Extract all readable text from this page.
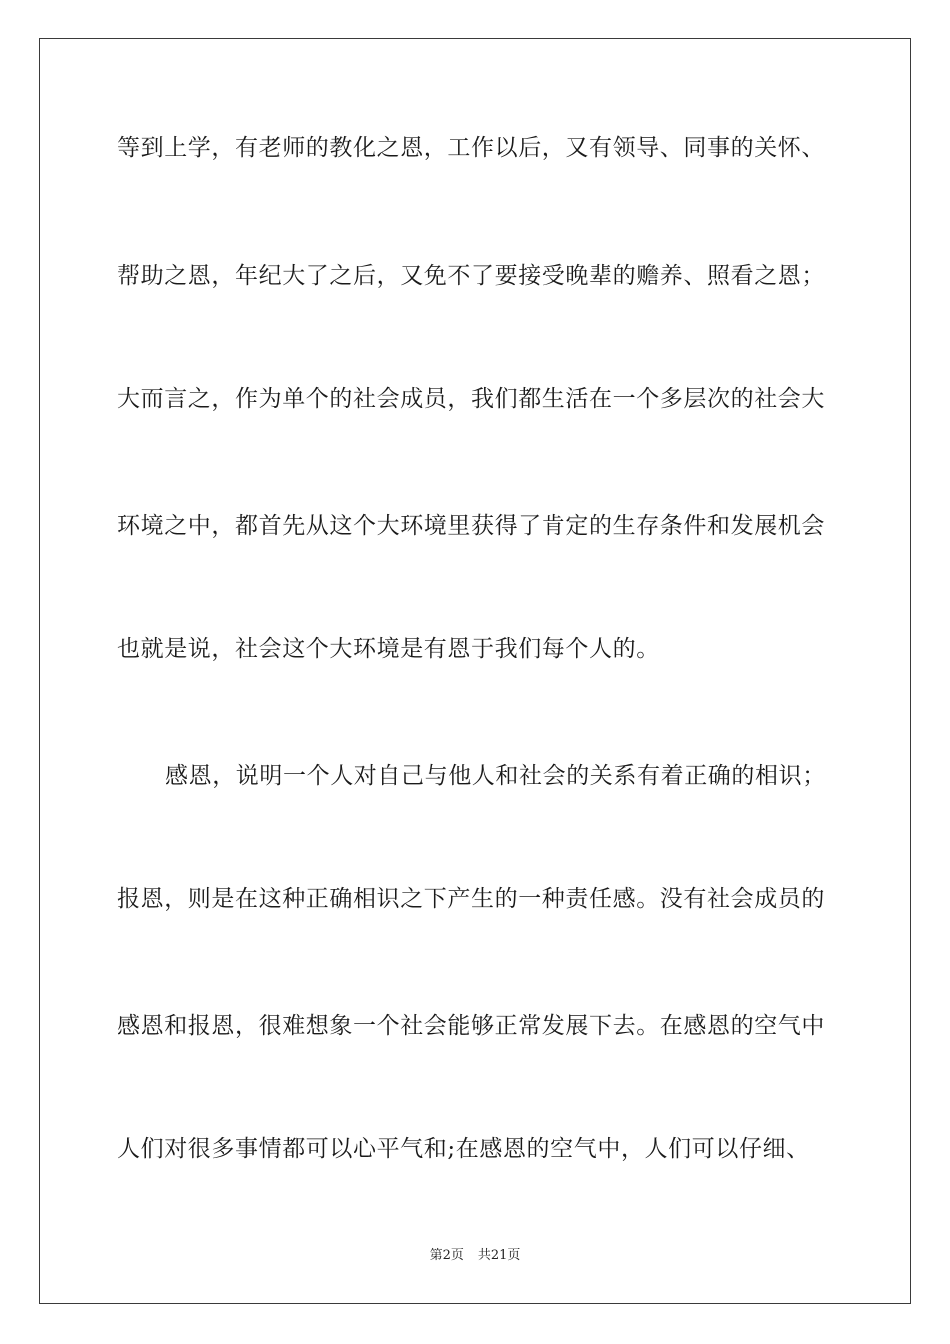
等到上学，有老师的教化之恩，工作以后，又有领导、同事的关怀、
帮助之恩，年纪大了之后，又免不了要接受晚辈的赡养、照看之恩；
大而言之，作为单个的社会成员，我们都生活在一个多层次的社会大
环境之中，都首先从这个大环境里获得了肯定的生存条件和发展机会
也就是说，社会这个大环境是有恩于我们每个人的。
感恩，说明一个人对自己与他人和社会的关系有着正确的相识；
报恩，则是在这种正确相识之下产生的一种责任感。没有社会成员的
感恩和报恩，很难想象一个社会能够正常发展下去。在感恩的空气中
人们对很多事情都可以心平气和;在感恩的空气中，人们可以仔细、
第2页 共21页
